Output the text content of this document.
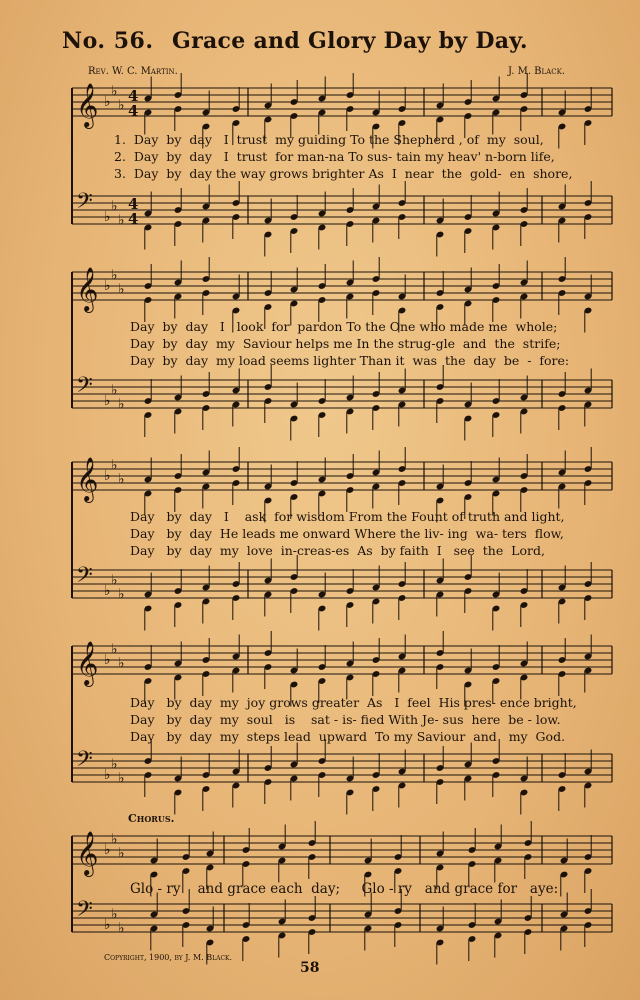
No. 56. Grace and Glory Day by Day.
Rev. W. C. Martin.	J. M. Black.
𝄞 ♭
♭
♭
4
4
𝄢 ♭
♭
♭
4
4
1.  Day  by  day   I  trust  my guiding To the Shepherd , of  my  soul,
2.  Day  by  day   I  trust  for man-na To sus- tain my heav' n-born life,
3.  Day  by  day the way grows brighter As  I  near  the  gold-  en  shore,
𝄞 ♭
♭
♭
𝄢 ♭
♭
♭
Day  by  day   I   look  for  pardon To the One who made me  whole;
Day  by  day  my  Saviour helps me In the strug-gle  and  the  strife;
Day  by  day  my load seems lighter Than it  was  the  day  be  -  fore:
𝄞 ♭
♭
♭
𝄢 ♭
♭
♭
Day   by  day   I    ask  for wisdom From the Fount of truth and light,
Day   by  day  He leads me onward Where the liv- ing  wa- ters  flow,
Day   by  day  my  love  in-creas-es  As  by faith  I   see  the  Lord,
𝄞 ♭
♭
♭
𝄢 ♭
♭
♭
Day   by  day  my  joy grows greater  As   I  feel  His pres- ence bright,
Day   by  day  my  soul   is    sat - is- fied With Je- sus  here  be - low.
Day   by  day  my  steps lead  upward  To my Saviour  and   my  God.
Chorus.
𝄞 ♭
♭
♭
𝄢 ♭
♭
♭
Glo - ry    and grace each  day;     Glo - ry   and grace for   aye:
Copyright, 1900, by J. M. Black.
58
